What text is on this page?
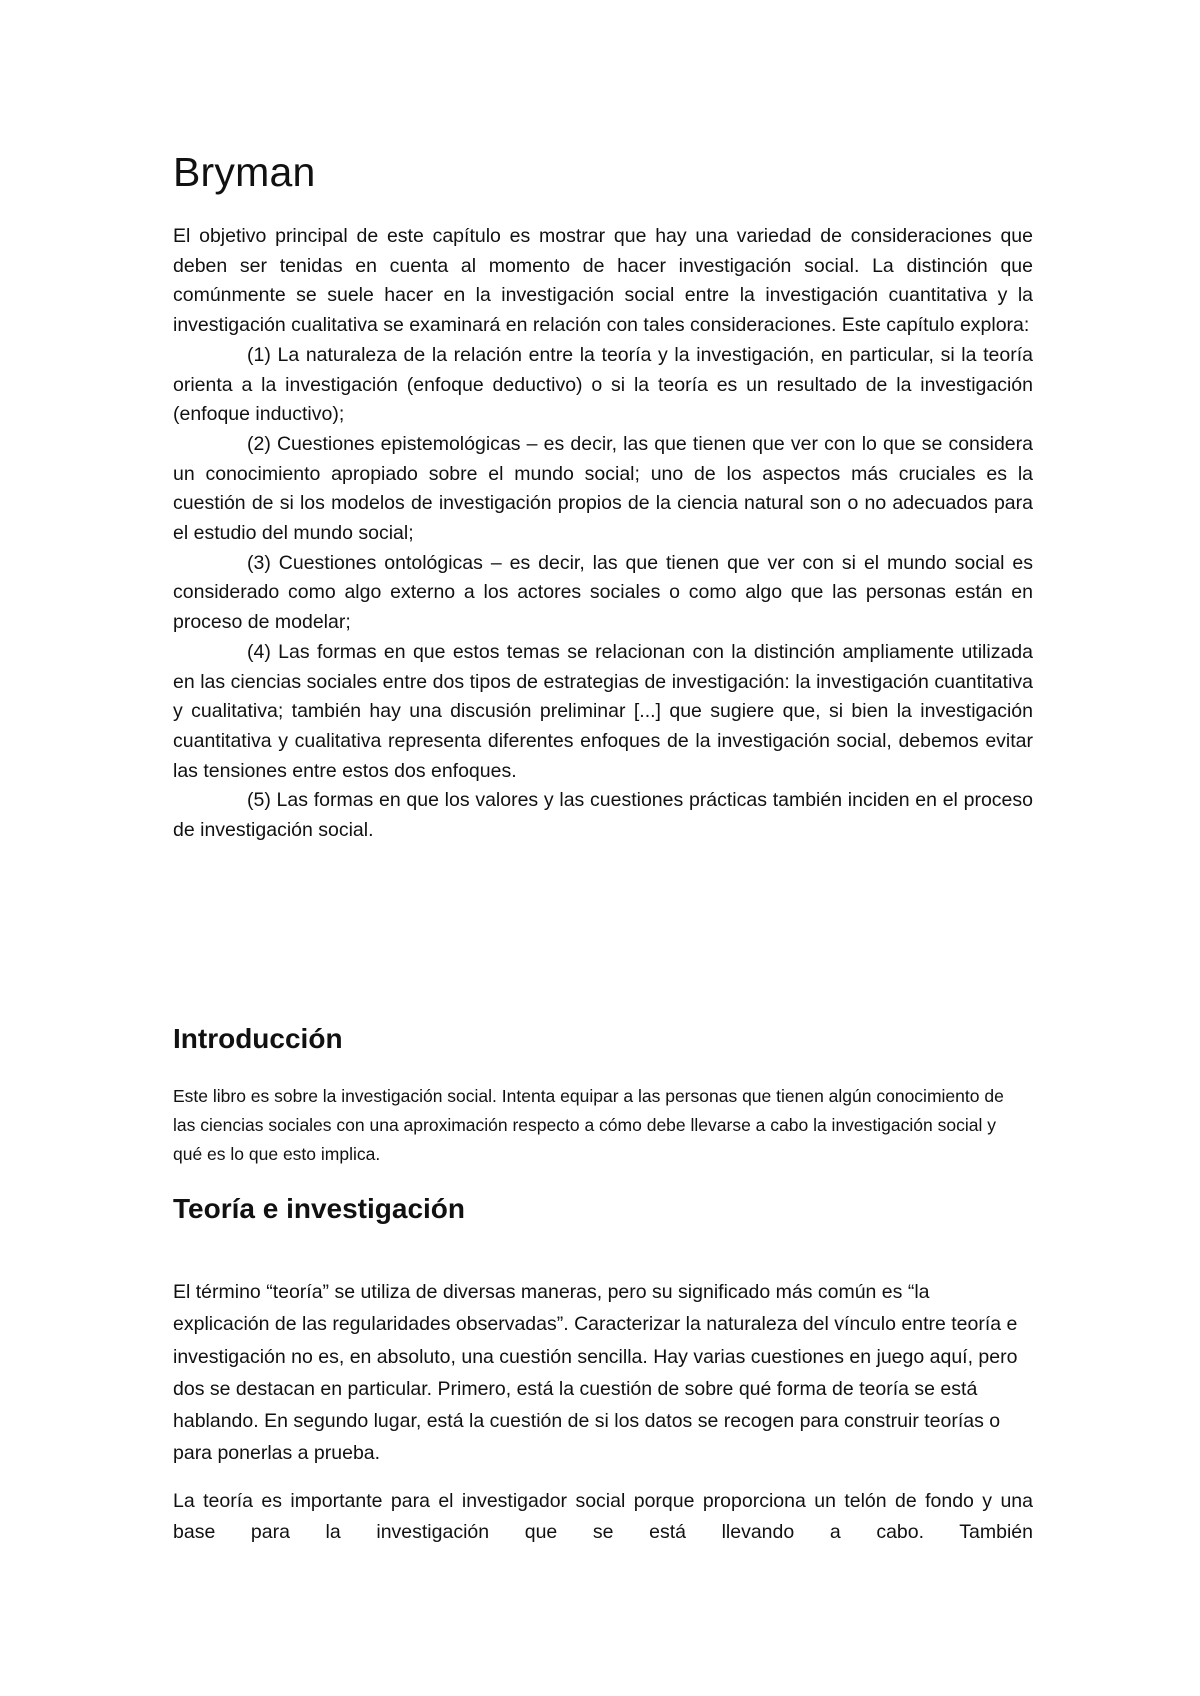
Bryman

El objetivo principal de este capítulo es mostrar que hay una variedad de consideraciones que deben ser tenidas en cuenta al momento de hacer investigación social. La distinción que comúnmente se suele hacer en la investigación social entre la investigación cuantitativa y la investigación cualitativa se examinará en relación con tales consideraciones. Este capítulo explora:

(1) La naturaleza de la relación entre la teoría y la investigación, en particular, si la teoría orienta a la investigación (enfoque deductivo) o si la teoría es un resultado de la investigación (enfoque inductivo);

(2) Cuestiones epistemológicas – es decir, las que tienen que ver con lo que se considera un conocimiento apropiado sobre el mundo social; uno de los aspectos más cruciales es la cuestión de si los modelos de investigación propios de la ciencia natural son o no adecuados para el estudio del mundo social;

(3) Cuestiones ontológicas – es decir, las que tienen que ver con si el mundo social es considerado como algo externo a los actores sociales o como algo que las personas están en proceso de modelar;

(4) Las formas en que estos temas se relacionan con la distinción ampliamente utilizada en las ciencias sociales entre dos tipos de estrategias de investigación: la investigación cuantitativa y cualitativa; también hay una discusión preliminar [...] que sugiere que, si bien la investigación cuantitativa y cualitativa representa diferentes enfoques de la investigación social, debemos evitar las tensiones entre estos dos enfoques.

(5) Las formas en que los valores y las cuestiones prácticas también inciden en el proceso de investigación social.

Introducción

Este libro es sobre la investigación social. Intenta equipar a las personas que tienen algún conocimiento de las ciencias sociales con una aproximación respecto a cómo debe llevarse a cabo la investigación social y qué es lo que esto implica.

Teoría e investigación

El término “teoría” se utiliza de diversas maneras, pero su significado más común es “la explicación de las regularidades observadas”. Caracterizar la naturaleza del vínculo entre teoría e investigación no es, en absoluto, una cuestión sencilla. Hay varias cuestiones en juego aquí, pero dos se destacan en particular. Primero, está la cuestión de sobre qué forma de teoría se está hablando. En segundo lugar, está la cuestión de si los datos se recogen para construir teorías o para ponerlas a prueba.

La teoría es importante para el investigador social porque proporciona un telón de fondo y una base para la investigación que se está llevando a cabo. También
